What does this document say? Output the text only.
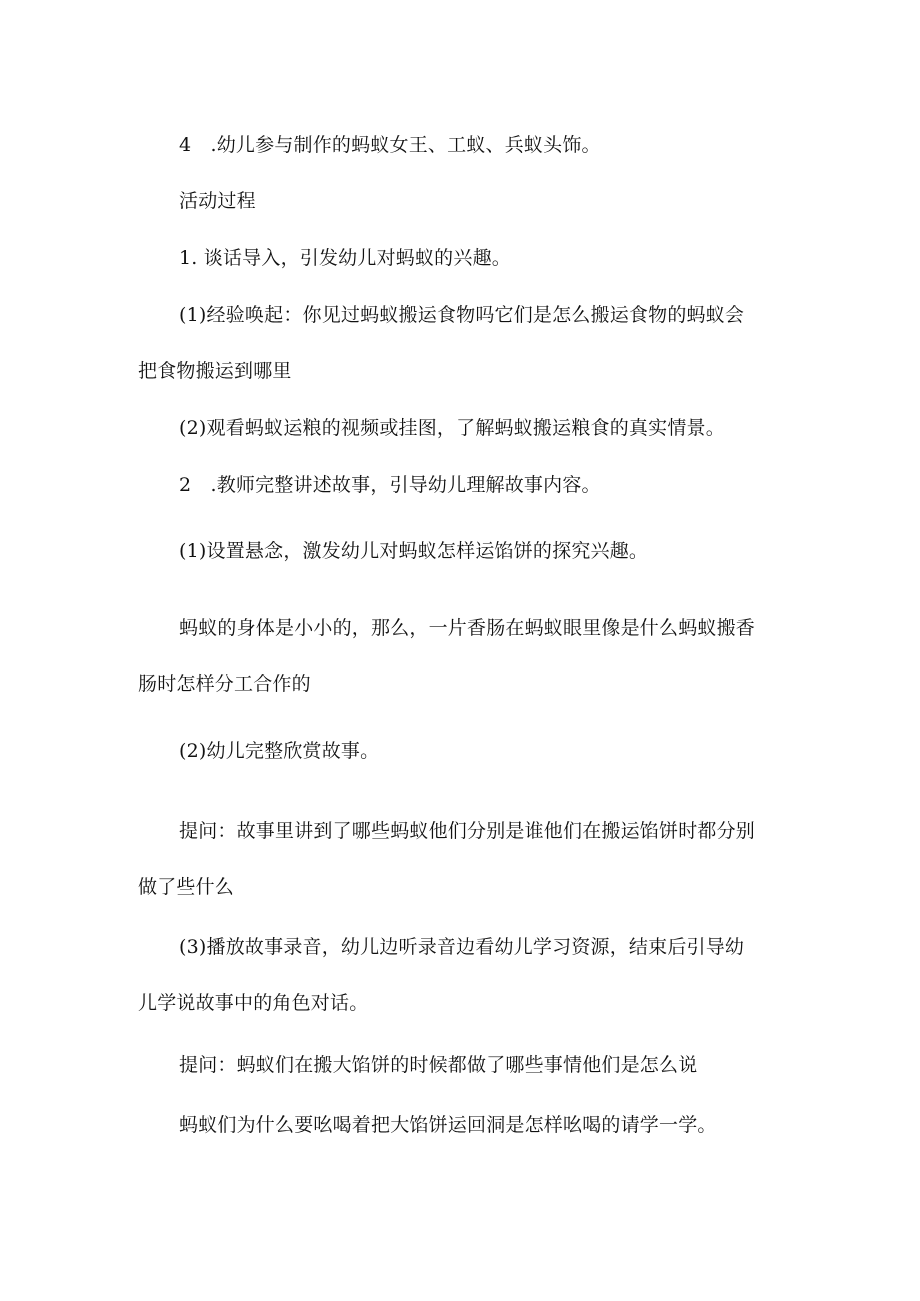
4　.幼儿参与制作的蚂蚁女王、工蚁、兵蚁头饰。
活动过程
1. 谈话导入，引发幼儿对蚂蚁的兴趣。
(1)经验唤起：你见过蚂蚁搬运食物吗它们是怎么搬运食物的蚂蚁会
把食物搬运到哪里
(2)观看蚂蚁运粮的视频或挂图，了解蚂蚁搬运粮食的真实情景。
2　.教师完整讲述故事，引导幼儿理解故事内容。
(1)设置悬念，激发幼儿对蚂蚁怎样运馅饼的探究兴趣。
蚂蚁的身体是小小的，那么，一片香肠在蚂蚁眼里像是什么蚂蚁搬香
肠时怎样分工合作的
(2)幼儿完整欣赏故事。
提问：故事里讲到了哪些蚂蚁他们分别是谁他们在搬运馅饼时都分别
做了些什么
(3)播放故事录音，幼儿边听录音边看幼儿学习资源，结束后引导幼
儿学说故事中的角色对话。
提问：蚂蚁们在搬大馅饼的时候都做了哪些事情他们是怎么说
蚂蚁们为什么要吆喝着把大馅饼运回洞是怎样吆喝的请学一学。
